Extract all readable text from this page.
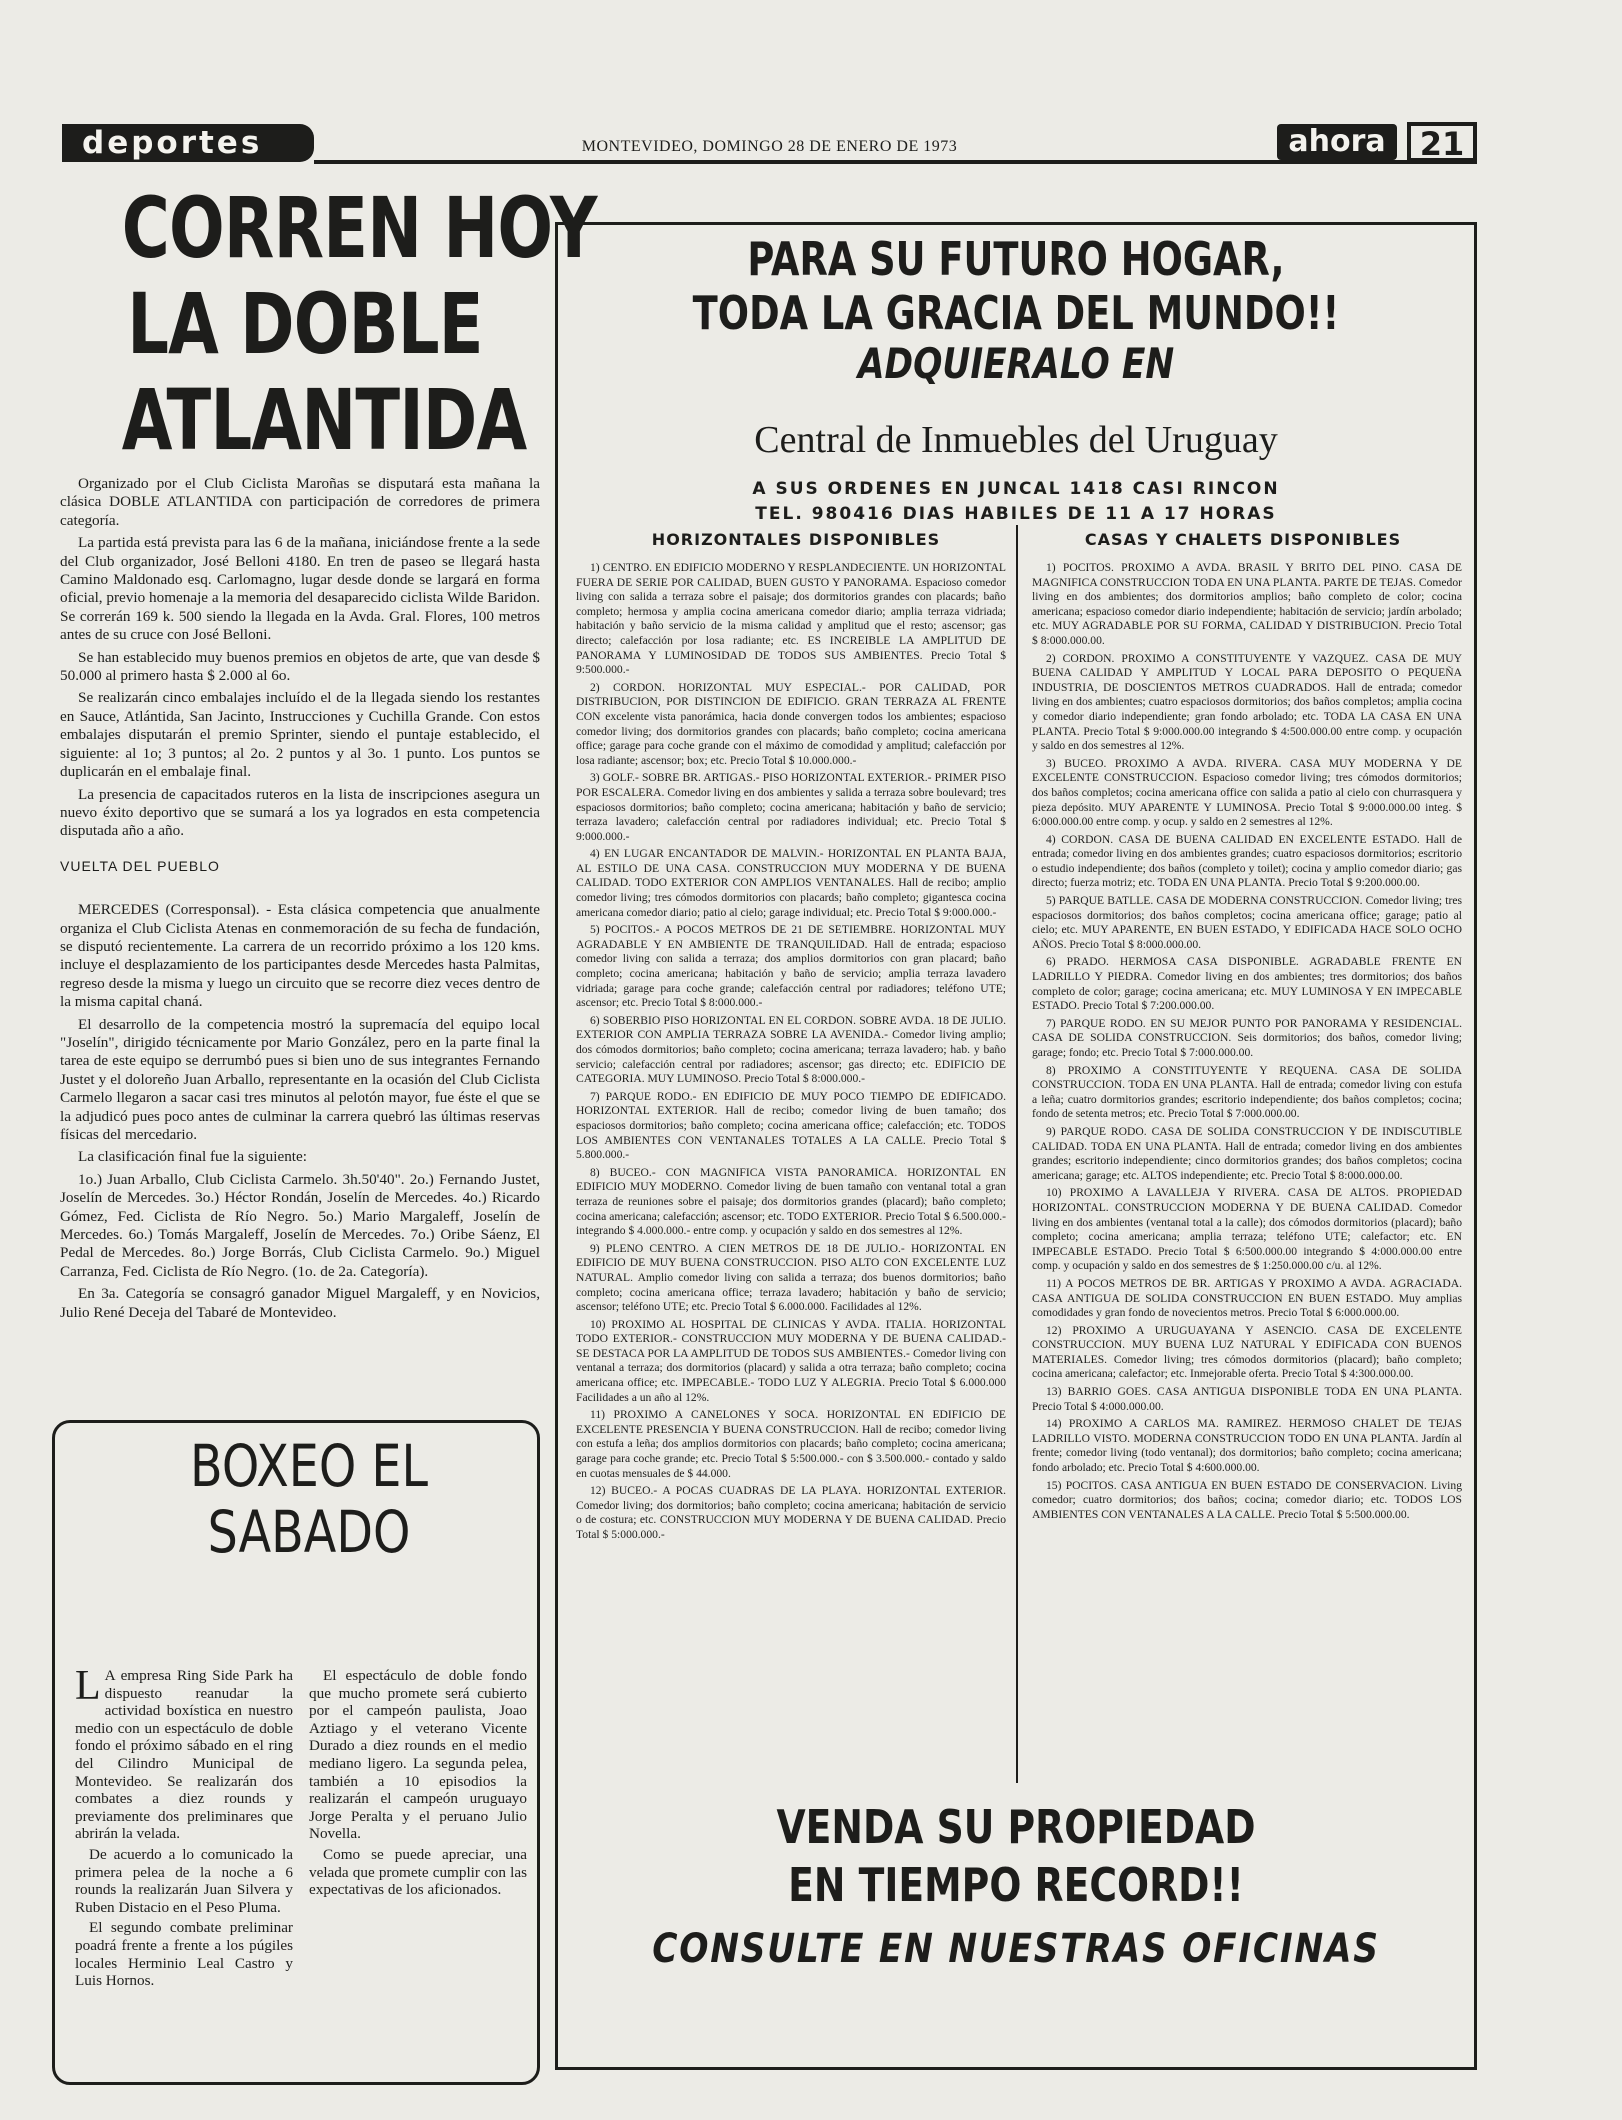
deportes	MONTEVIDEO, DOMINGO 28 DE ENERO DE 1973	ahora	21
CORREN HOY
LA DOBLE
ATLANTIDA

Organizado por el Club Ciclista Maroñas se disputará esta mañana la clásica DOBLE ATLANTIDA con participación de corredores de primera categoría.

La partida está prevista para las 6 de la mañana, iniciándose frente a la sede del Club organizador, José Belloni 4180. En tren de paseo se llegará hasta Camino Maldonado esq. Carlomagno, lugar desde donde se largará en forma oficial, previo homenaje a la memoria del desaparecido ciclista Wilde Baridon. Se correrán 169 k. 500 siendo la llegada en la Avda. Gral. Flores, 100 metros antes de su cruce con José Belloni.

Se han establecido muy buenos premios en objetos de arte, que van desde $ 50.000 al primero hasta $ 2.000 al 6o.

Se realizarán cinco embalajes incluído el de la llegada siendo los restantes en Sauce, Atlántida, San Jacinto, Instrucciones y Cuchilla Grande. Con estos embalajes disputarán el premio Sprinter, siendo el puntaje establecido, el siguiente: al 1o; 3 puntos; al 2o. 2 puntos y al 3o. 1 punto. Los puntos se duplicarán en el embalaje final.

La presencia de capacitados ruteros en la lista de inscripciones asegura un nuevo éxito deportivo que se sumará a los ya logrados en esta competencia disputada año a año.

VUELTA DEL PUEBLO

MERCEDES (Corresponsal). - Esta clásica competencia que anualmente organiza el Club Ciclista Atenas en conmemoración de su fecha de fundación, se disputó recientemente. La carrera de un recorrido próximo a los 120 kms. incluye el desplazamiento de los participantes desde Mercedes hasta Palmitas, regreso desde la misma y luego un circuito que se recorre diez veces dentro de la misma capital chaná.

El desarrollo de la competencia mostró la supremacía del equipo local "Joselín", dirigido técnicamente por Mario González, pero en la parte final la tarea de este equipo se derrumbó pues si bien uno de sus integrantes Fernando Justet y el doloreño Juan Arballo, representante en la ocasión del Club Ciclista Carmelo llegaron a sacar casi tres minutos al pelotón mayor, fue éste el que se la adjudicó pues poco antes de culminar la carrera quebró las últimas reservas físicas del mercedario.

La clasificación final fue la siguiente:

1o.) Juan Arballo, Club Ciclista Carmelo. 3h.50'40". 2o.) Fernando Justet, Joselín de Mercedes. 3o.) Héctor Rondán, Joselín de Mercedes. 4o.) Ricardo Gómez, Fed. Ciclista de Río Negro. 5o.) Mario Margaleff, Joselín de Mercedes. 6o.) Tomás Margaleff, Joselín de Mercedes. 7o.) Oribe Sáenz, El Pedal de Mercedes. 8o.) Jorge Borrás, Club Ciclista Carmelo. 9o.) Miguel Carranza, Fed. Ciclista de Río Negro. (1o. de 2a. Categoría).

En 3a. Categoría se consagró ganador Miguel Margaleff, y en Novicios, Julio René Deceja del Tabaré de Montevideo.

BOXEO EL
SABADO

L A empresa Ring Side Park ha dispuesto reanudar la actividad boxística en nuestro medio con un espectáculo de doble fondo el próximo sábado en el ring del Cilindro Municipal de Montevideo. Se realizarán dos combates a diez rounds y previamente dos preliminares que abrirán la velada.

De acuerdo a lo comunicado la primera pelea de la noche a 6 rounds la realizarán Juan Silvera y Ruben Distacio en el Peso Pluma.

El segundo combate preliminar poadrá frente a frente a los púgiles locales Herminio Leal Castro y Luis Hornos.

El espectáculo de doble fondo que mucho promete será cubierto por el campeón paulista, Joao Aztiago y el veterano Vicente Durado a diez rounds en el medio mediano ligero. La segunda pelea, también a 10 episodios la realizarán el campeón uruguayo Jorge Peralta y el peruano Julio Novella.

Como se puede apreciar, una velada que promete cumplir con las expectativas de los aficionados.

PARA SU FUTURO HOGAR,
TODA LA GRACIA DEL MUNDO!!
ADQUIERALO EN
Central de Inmuebles del Uruguay
A SUS ORDENES EN JUNCAL 1418 CASI RINCON
TEL. 980416 DIAS HABILES DE 11 A 17 HORAS
HORIZONTALES DISPONIBLES	CASAS Y CHALETS DISPONIBLES
1) CENTRO. EN EDIFICIO MODERNO Y RESPLANDECIENTE. UN HORIZONTAL FUERA DE SERIE POR CALIDAD, BUEN GUSTO Y PANORAMA. Espacioso comedor living con salida a terraza sobre el paisaje; dos dormitorios grandes con placards; baño completo; hermosa y amplia cocina americana comedor diario; amplia terraza vidriada; habitación y baño servicio de la misma calidad y amplitud que el resto; ascensor; gas directo; calefacción por losa radiante; etc. ES INCREIBLE LA AMPLITUD DE PANORAMA Y LUMINOSIDAD DE TODOS SUS AMBIENTES. Precio Total $ 9:500.000.-
2) CORDON. HORIZONTAL MUY ESPECIAL.- POR CALIDAD, POR DISTRIBUCION, POR DISTINCION DE EDIFICIO. GRAN TERRAZA AL FRENTE CON excelente vista panorámica, hacia donde convergen todos los ambientes; espacioso comedor living; dos dormitorios grandes con placards; baño completo; cocina americana office; garage para coche grande con el máximo de comodidad y amplitud; calefacción por losa radiante; ascensor; box; etc. Precio Total $ 10.000.000.-
3) GOLF.- SOBRE BR. ARTIGAS.- PISO HORIZONTAL EXTERIOR.- PRIMER PISO POR ESCALERA. Comedor living en dos ambientes y salida a terraza sobre boulevard; tres espaciosos dormitorios; baño completo; cocina americana; habitación y baño de servicio; terraza lavadero; calefacción central por radiadores individual; etc. Precio Total $ 9:000.000.-
4) EN LUGAR ENCANTADOR DE MALVIN.- HORIZONTAL EN PLANTA BAJA, AL ESTILO DE UNA CASA. CONSTRUCCION MUY MODERNA Y DE BUENA CALIDAD. TODO EXTERIOR CON AMPLIOS VENTANALES. Hall de recibo; amplio comedor living; tres cómodos dormitorios con placards; baño completo; gigantesca cocina americana comedor diario; patio al cielo; garage individual; etc. Precio Total $ 9:000.000.-
5) POCITOS.- A POCOS METROS DE 21 DE SETIEMBRE. HORIZONTAL MUY AGRADABLE Y EN AMBIENTE DE TRANQUILIDAD. Hall de entrada; espacioso comedor living con salida a terraza; dos amplios dormitorios con gran placard; baño completo; cocina americana; habitación y baño de servicio; amplia terraza lavadero vidriada; garage para coche grande; calefacción central por radiadores; teléfono UTE; ascensor; etc. Precio Total $ 8:000.000.-
6) SOBERBIO PISO HORIZONTAL EN EL CORDON. SOBRE AVDA. 18 DE JULIO. EXTERIOR CON AMPLIA TERRAZA SOBRE LA AVENIDA.- Comedor living amplio; dos cómodos dormitorios; baño completo; cocina americana; terraza lavadero; hab. y baño servicio; calefacción central por radiadores; ascensor; gas directo; etc. EDIFICIO DE CATEGORIA. MUY LUMINOSO. Precio Total $ 8:000.000.-
7) PARQUE RODO.- EN EDIFICIO DE MUY POCO TIEMPO DE EDIFICADO. HORIZONTAL EXTERIOR. Hall de recibo; comedor living de buen tamaño; dos espaciosos dormitorios; baño completo; cocina americana office; calefacción; etc. TODOS LOS AMBIENTES CON VENTANALES TOTALES A LA CALLE. Precio Total $ 5.800.000.-
8) BUCEO.- CON MAGNIFICA VISTA PANORAMICA. HORIZONTAL EN EDIFICIO MUY MODERNO. Comedor living de buen tamaño con ventanal total a gran terraza de reuniones sobre el paisaje; dos dormitorios grandes (placard); baño completo; cocina americana; calefacción; ascensor; etc. TODO EXTERIOR. Precio Total $ 6.500.000.- integrando $ 4.000.000.- entre comp. y ocupación y saldo en dos semestres al 12%.
9) PLENO CENTRO. A CIEN METROS DE 18 DE JULIO.- HORIZONTAL EN EDIFICIO DE MUY BUENA CONSTRUCCION. PISO ALTO CON EXCELENTE LUZ NATURAL. Amplio comedor living con salida a terraza; dos buenos dormitorios; baño completo; cocina americana office; terraza lavadero; habitación y baño de servicio; ascensor; teléfono UTE; etc. Precio Total $ 6.000.000. Facilidades al 12%.
10) PROXIMO AL HOSPITAL DE CLINICAS Y AVDA. ITALIA. HORIZONTAL TODO EXTERIOR.- CONSTRUCCION MUY MODERNA Y DE BUENA CALIDAD.- SE DESTACA POR LA AMPLITUD DE TODOS SUS AMBIENTES.- Comedor living con ventanal a terraza; dos dormitorios (placard) y salida a otra terraza; baño completo; cocina americana office; etc. IMPECABLE.- TODO LUZ Y ALEGRIA. Precio Total $ 6.000.000 Facilidades a un año al 12%.
11) PROXIMO A CANELONES Y SOCA. HORIZONTAL EN EDIFICIO DE EXCELENTE PRESENCIA Y BUENA CONSTRUCCION. Hall de recibo; comedor living con estufa a leña; dos amplios dormitorios con placards; baño completo; cocina americana; garage para coche grande; etc. Precio Total $ 5:500.000.- con $ 3.500.000.- contado y saldo en cuotas mensuales de $ 44.000.
12) BUCEO.- A POCAS CUADRAS DE LA PLAYA. HORIZONTAL EXTERIOR. Comedor living; dos dormitorios; baño completo; cocina americana; habitación de servicio o de costura; etc. CONSTRUCCION MUY MODERNA Y DE BUENA CALIDAD. Precio Total $ 5:000.000.-
1) POCITOS. PROXIMO A AVDA. BRASIL Y BRITO DEL PINO. CASA DE MAGNIFICA CONSTRUCCION TODA EN UNA PLANTA. PARTE DE TEJAS. Comedor living en dos ambientes; dos dormitorios amplios; baño completo de color; cocina americana; espacioso comedor diario independiente; habitación de servicio; jardín arbolado; etc. MUY AGRADABLE POR SU FORMA, CALIDAD Y DISTRIBUCION. Precio Total $ 8:000.000.00.
2) CORDON. PROXIMO A CONSTITUYENTE Y VAZQUEZ. CASA DE MUY BUENA CALIDAD Y AMPLITUD Y LOCAL PARA DEPOSITO O PEQUEÑA INDUSTRIA, DE DOSCIENTOS METROS CUADRADOS. Hall de entrada; comedor living en dos ambientes; cuatro espaciosos dormitorios; dos baños completos; amplia cocina y comedor diario independiente; gran fondo arbolado; etc. TODA LA CASA EN UNA PLANTA. Precio Total $ 9:000.000.00 integrando $ 4:500.000.00 entre comp. y ocupación y saldo en dos semestres al 12%.
3) BUCEO. PROXIMO A AVDA. RIVERA. CASA MUY MODERNA Y DE EXCELENTE CONSTRUCCION. Espacioso comedor living; tres cómodos dormitorios; dos baños completos; cocina americana office con salida a patio al cielo con churrasquera y pieza depósito. MUY APARENTE Y LUMINOSA. Precio Total $ 9:000.000.00 integ. $ 6:000.000.00 entre comp. y ocup. y saldo en 2 semestres al 12%.
4) CORDON. CASA DE BUENA CALIDAD EN EXCELENTE ESTADO. Hall de entrada; comedor living en dos ambientes grandes; cuatro espaciosos dormitorios; escritorio o estudio independiente; dos baños (completo y toilet); cocina y amplio comedor diario; gas directo; fuerza motriz; etc. TODA EN UNA PLANTA. Precio Total $ 9:200.000.00.
5) PARQUE BATLLE. CASA DE MODERNA CONSTRUCCION. Comedor living; tres espaciosos dormitorios; dos baños completos; cocina americana office; garage; patio al cielo; etc. MUY APARENTE, EN BUEN ESTADO, Y EDIFICADA HACE SOLO OCHO AÑOS. Precio Total $ 8:000.000.00.
6) PRADO. HERMOSA CASA DISPONIBLE. AGRADABLE FRENTE EN LADRILLO Y PIEDRA. Comedor living en dos ambientes; tres dormitorios; dos baños completo de color; garage; cocina americana; etc. MUY LUMINOSA Y EN IMPECABLE ESTADO. Precio Total $ 7:200.000.00.
7) PARQUE RODO. EN SU MEJOR PUNTO POR PANORAMA Y RESIDENCIAL. CASA DE SOLIDA CONSTRUCCION. Seis dormitorios; dos baños, comedor living; garage; fondo; etc. Precio Total $ 7:000.000.00.
8) PROXIMO A CONSTITUYENTE Y REQUENA. CASA DE SOLIDA CONSTRUCCION. TODA EN UNA PLANTA. Hall de entrada; comedor living con estufa a leña; cuatro dormitorios grandes; escritorio independiente; dos baños completos; cocina; fondo de setenta metros; etc. Precio Total $ 7:000.000.00.
9) PARQUE RODO. CASA DE SOLIDA CONSTRUCCION Y DE INDISCUTIBLE CALIDAD. TODA EN UNA PLANTA. Hall de entrada; comedor living en dos ambientes grandes; escritorio independiente; cinco dormitorios grandes; dos baños completos; cocina americana; garage; etc. ALTOS independiente; etc. Precio Total $ 8:000.000.00.
10) PROXIMO A LAVALLEJA Y RIVERA. CASA DE ALTOS. PROPIEDAD HORIZONTAL. CONSTRUCCION MODERNA Y DE BUENA CALIDAD. Comedor living en dos ambientes (ventanal total a la calle); dos cómodos dormitorios (placard); baño completo; cocina americana; amplia terraza; teléfono UTE; calefactor; etc. EN IMPECABLE ESTADO. Precio Total $ 6:500.000.00 integrando $ 4:000.000.00 entre comp. y ocupación y saldo en dos semestres de $ 1:250.000.00 c/u. al 12%.
11) A POCOS METROS DE BR. ARTIGAS Y PROXIMO A AVDA. AGRACIADA. CASA ANTIGUA DE SOLIDA CONSTRUCCION EN BUEN ESTADO. Muy amplias comodidades y gran fondo de novecientos metros. Precio Total $ 6:000.000.00.
12) PROXIMO A URUGUAYANA Y ASENCIO. CASA DE EXCELENTE CONSTRUCCION. MUY BUENA LUZ NATURAL Y EDIFICADA CON BUENOS MATERIALES. Comedor living; tres cómodos dormitorios (placard); baño completo; cocina americana; calefactor; etc. Inmejorable oferta. Precio Total $ 4:300.000.00.
13) BARRIO GOES. CASA ANTIGUA DISPONIBLE TODA EN UNA PLANTA. Precio Total $ 4:000.000.00.
14) PROXIMO A CARLOS MA. RAMIREZ. HERMOSO CHALET DE TEJAS LADRILLO VISTO. MODERNA CONSTRUCCION TODO EN UNA PLANTA. Jardín al frente; comedor living (todo ventanal); dos dormitorios; baño completo; cocina americana; fondo arbolado; etc. Precio Total $ 4:600.000.00.
15) POCITOS. CASA ANTIGUA EN BUEN ESTADO DE CONSERVACION. Living comedor; cuatro dormitorios; dos baños; cocina; comedor diario; etc. TODOS LOS AMBIENTES CON VENTANALES A LA CALLE. Precio Total $ 5:500.000.00.
VENDA SU PROPIEDAD
EN TIEMPO RECORD!!
CONSULTE EN NUESTRAS OFICINAS
